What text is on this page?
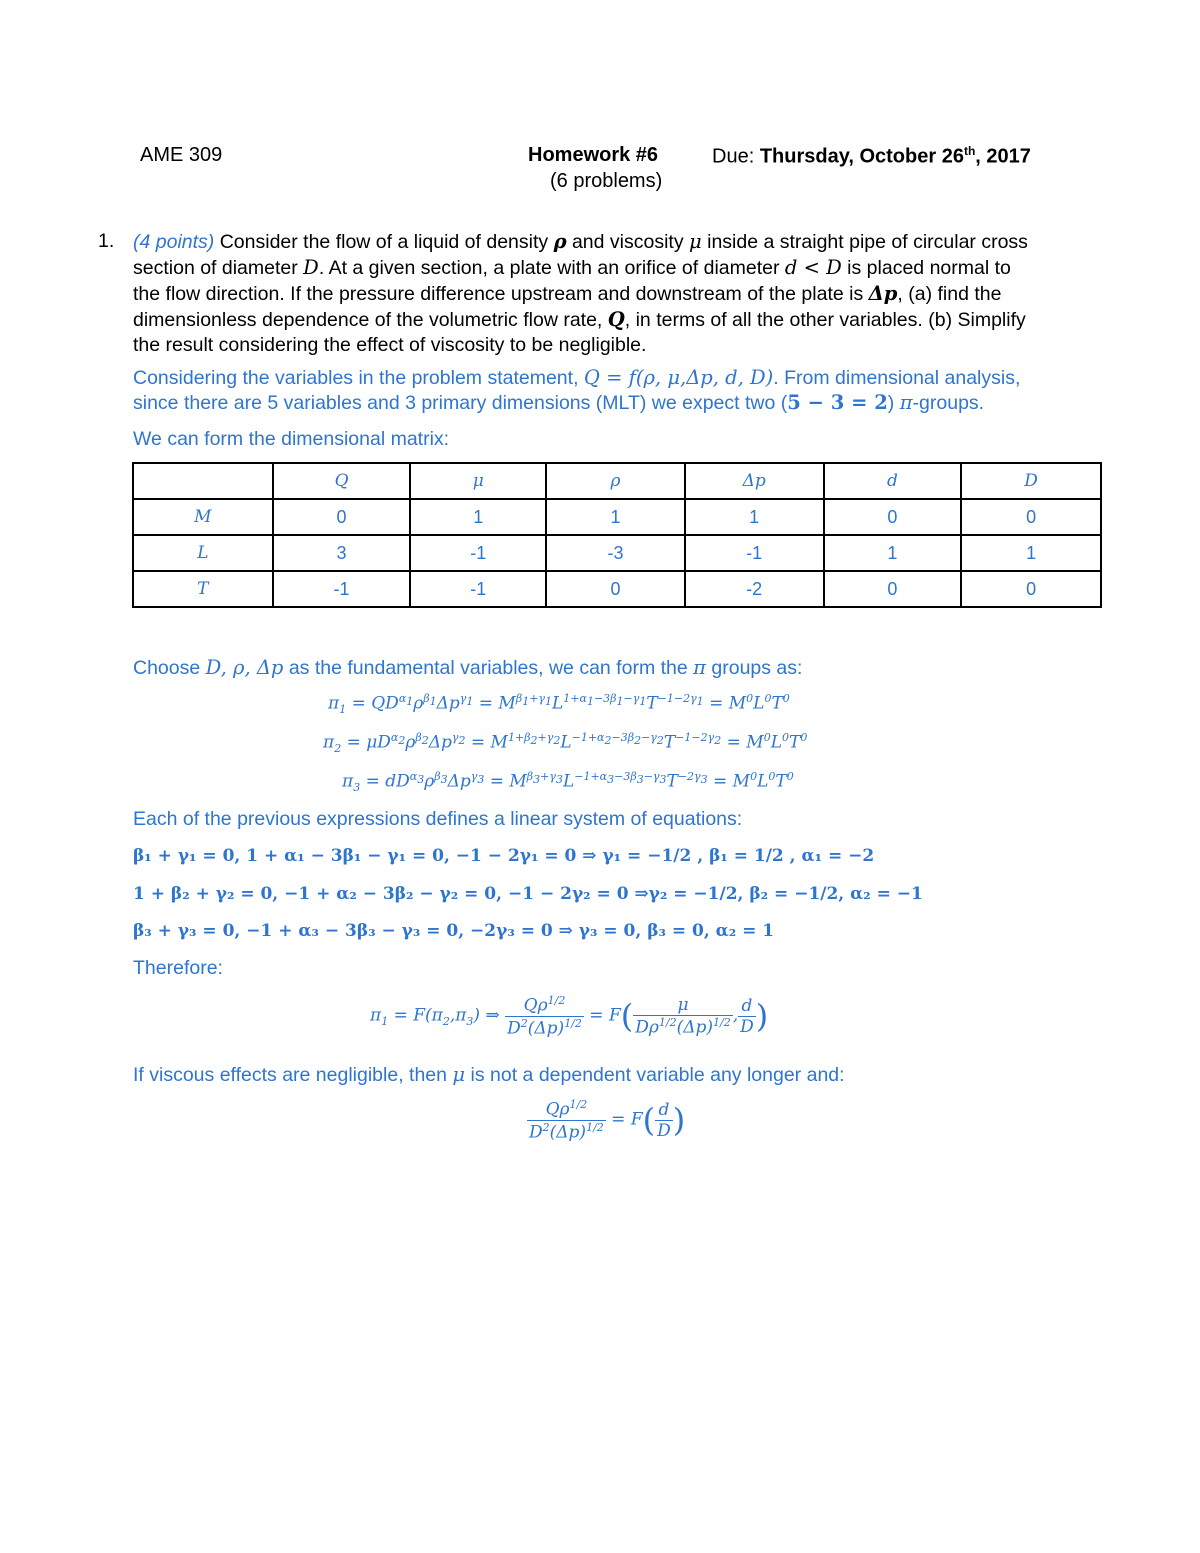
AME 309	Homework #6	Due: Thursday, October 26th, 2017
(6 problems)
1. (4 points) Consider the flow of a liquid of density ρ and viscosity μ inside a straight pipe of circular cross
section of diameter D. At a given section, a plate with an orifice of diameter d < D is placed normal to
the flow direction. If the pressure difference upstream and downstream of the plate is Δp, (a) find the
dimensionless dependence of the volumetric flow rate, Q, in terms of all the other variables. (b) Simplify
the result considering the effect of viscosity to be negligible.
Considering the variables in the problem statement, Q = f(ρ, μ,Δp, d, D). From dimensional analysis,
since there are 5 variables and 3 primary dimensions (MLT) we expect two (5 − 3 = 2) π-groups.
We can form the dimensional matrix:
	Q	μ	ρ	Δp	d	D
M	0	1	1	1	0	0
L	3	-1	-3	-1	1	1
T	-1	-1	0	-2	0	0
Choose D, ρ, Δp as the fundamental variables, we can form the π groups as:
$\pi_1 = QD^{\alpha_1}\rho^{\beta_1}\Delta p^{\gamma_1} = M^{\beta_1+\gamma_1}L^{1+\alpha_1-3\beta_1-\gamma_1}T^{-1-2\gamma_1} = M^0L^0T^0$
$\pi_2 = \mu D^{\alpha_2}\rho^{\beta_2}\Delta p^{\gamma_2} = M^{1+\beta_2+\gamma_2}L^{-1+\alpha_2-3\beta_2-\gamma_2}T^{-1-2\gamma_2} = M^0L^0T^0$
$\pi_3 = dD^{\alpha_3}\rho^{\beta_3}\Delta p^{\gamma_3} = M^{\beta_3+\gamma_3}L^{-1+\alpha_3-3\beta_3-\gamma_3}T^{-2\gamma_3} = M^0L^0T^0$
Each of the previous expressions defines a linear system of equations:
β₁ + γ₁ = 0, 1 + α₁ − 3β₁ − γ₁ = 0, −1 − 2γ₁ = 0 ⇒ γ₁ = −1/2 , β₁ = 1/2 , α₁ = −2
1 + β₂ + γ₂ = 0, −1 + α₂ − 3β₂ − γ₂ = 0, −1 − 2γ₂ = 0 ⇒γ₂ = −1/2, β₂ = −1/2, α₂ = −1
β₃ + γ₃ = 0, −1 + α₃ − 3β₃ − γ₃ = 0, −2γ₃ = 0 ⇒ γ₃ = 0, β₃ = 0, α₂ = 1
Therefore:
$\pi_1 = F(\pi_2,\pi_3)$ ⇒ $\frac{Q\rho^{1/2}}{D^2(\Delta p)^{1/2}} = F( \frac{\mu}{D\rho^{1/2}(\Delta p)^{1/2}}$ , $\frac{d}{D}$ )
If viscous effects are negligible, then μ is not a dependent variable any longer and:
$\frac{Q\rho^{1/2}}{D^2(\Delta p)^{1/2}} = F( \frac{d}{D}$ )
